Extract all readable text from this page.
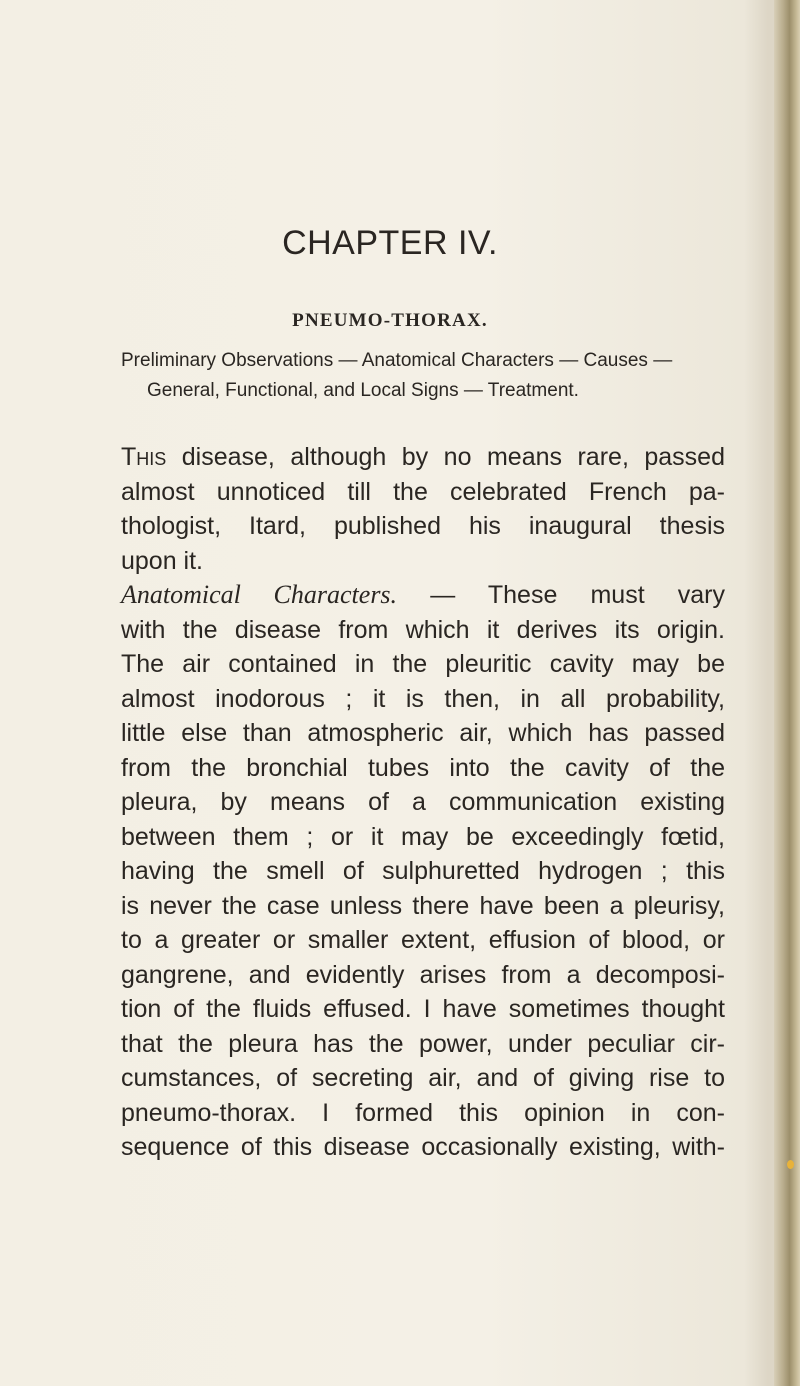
CHAPTER IV.
PNEUMO-THORAX.
Preliminary Observations — Anatomical Characters — Causes —
General, Functional, and Local Signs — Treatment.
This disease, although by no means rare, passed
almost unnoticed till the celebrated French pa-
thologist, Itard, published his inaugural thesis
upon it.
Anatomical Characters. — These must vary
with the disease from which it derives its origin.
The air contained in the pleuritic cavity may be
almost inodorous ; it is then, in all probability,
little else than atmospheric air, which has passed
from the bronchial tubes into the cavity of the
pleura, by means of a communication existing
between them ; or it may be exceedingly fœtid,
having the smell of sulphuretted hydrogen ; this
is never the case unless there have been a pleurisy,
to a greater or smaller extent, effusion of blood, or
gangrene, and evidently arises from a decomposi-
tion of the fluids effused. I have sometimes thought
that the pleura has the power, under peculiar cir-
cumstances, of secreting air, and of giving rise to
pneumo-thorax. I formed this opinion in con-
sequence of this disease occasionally existing, with-
